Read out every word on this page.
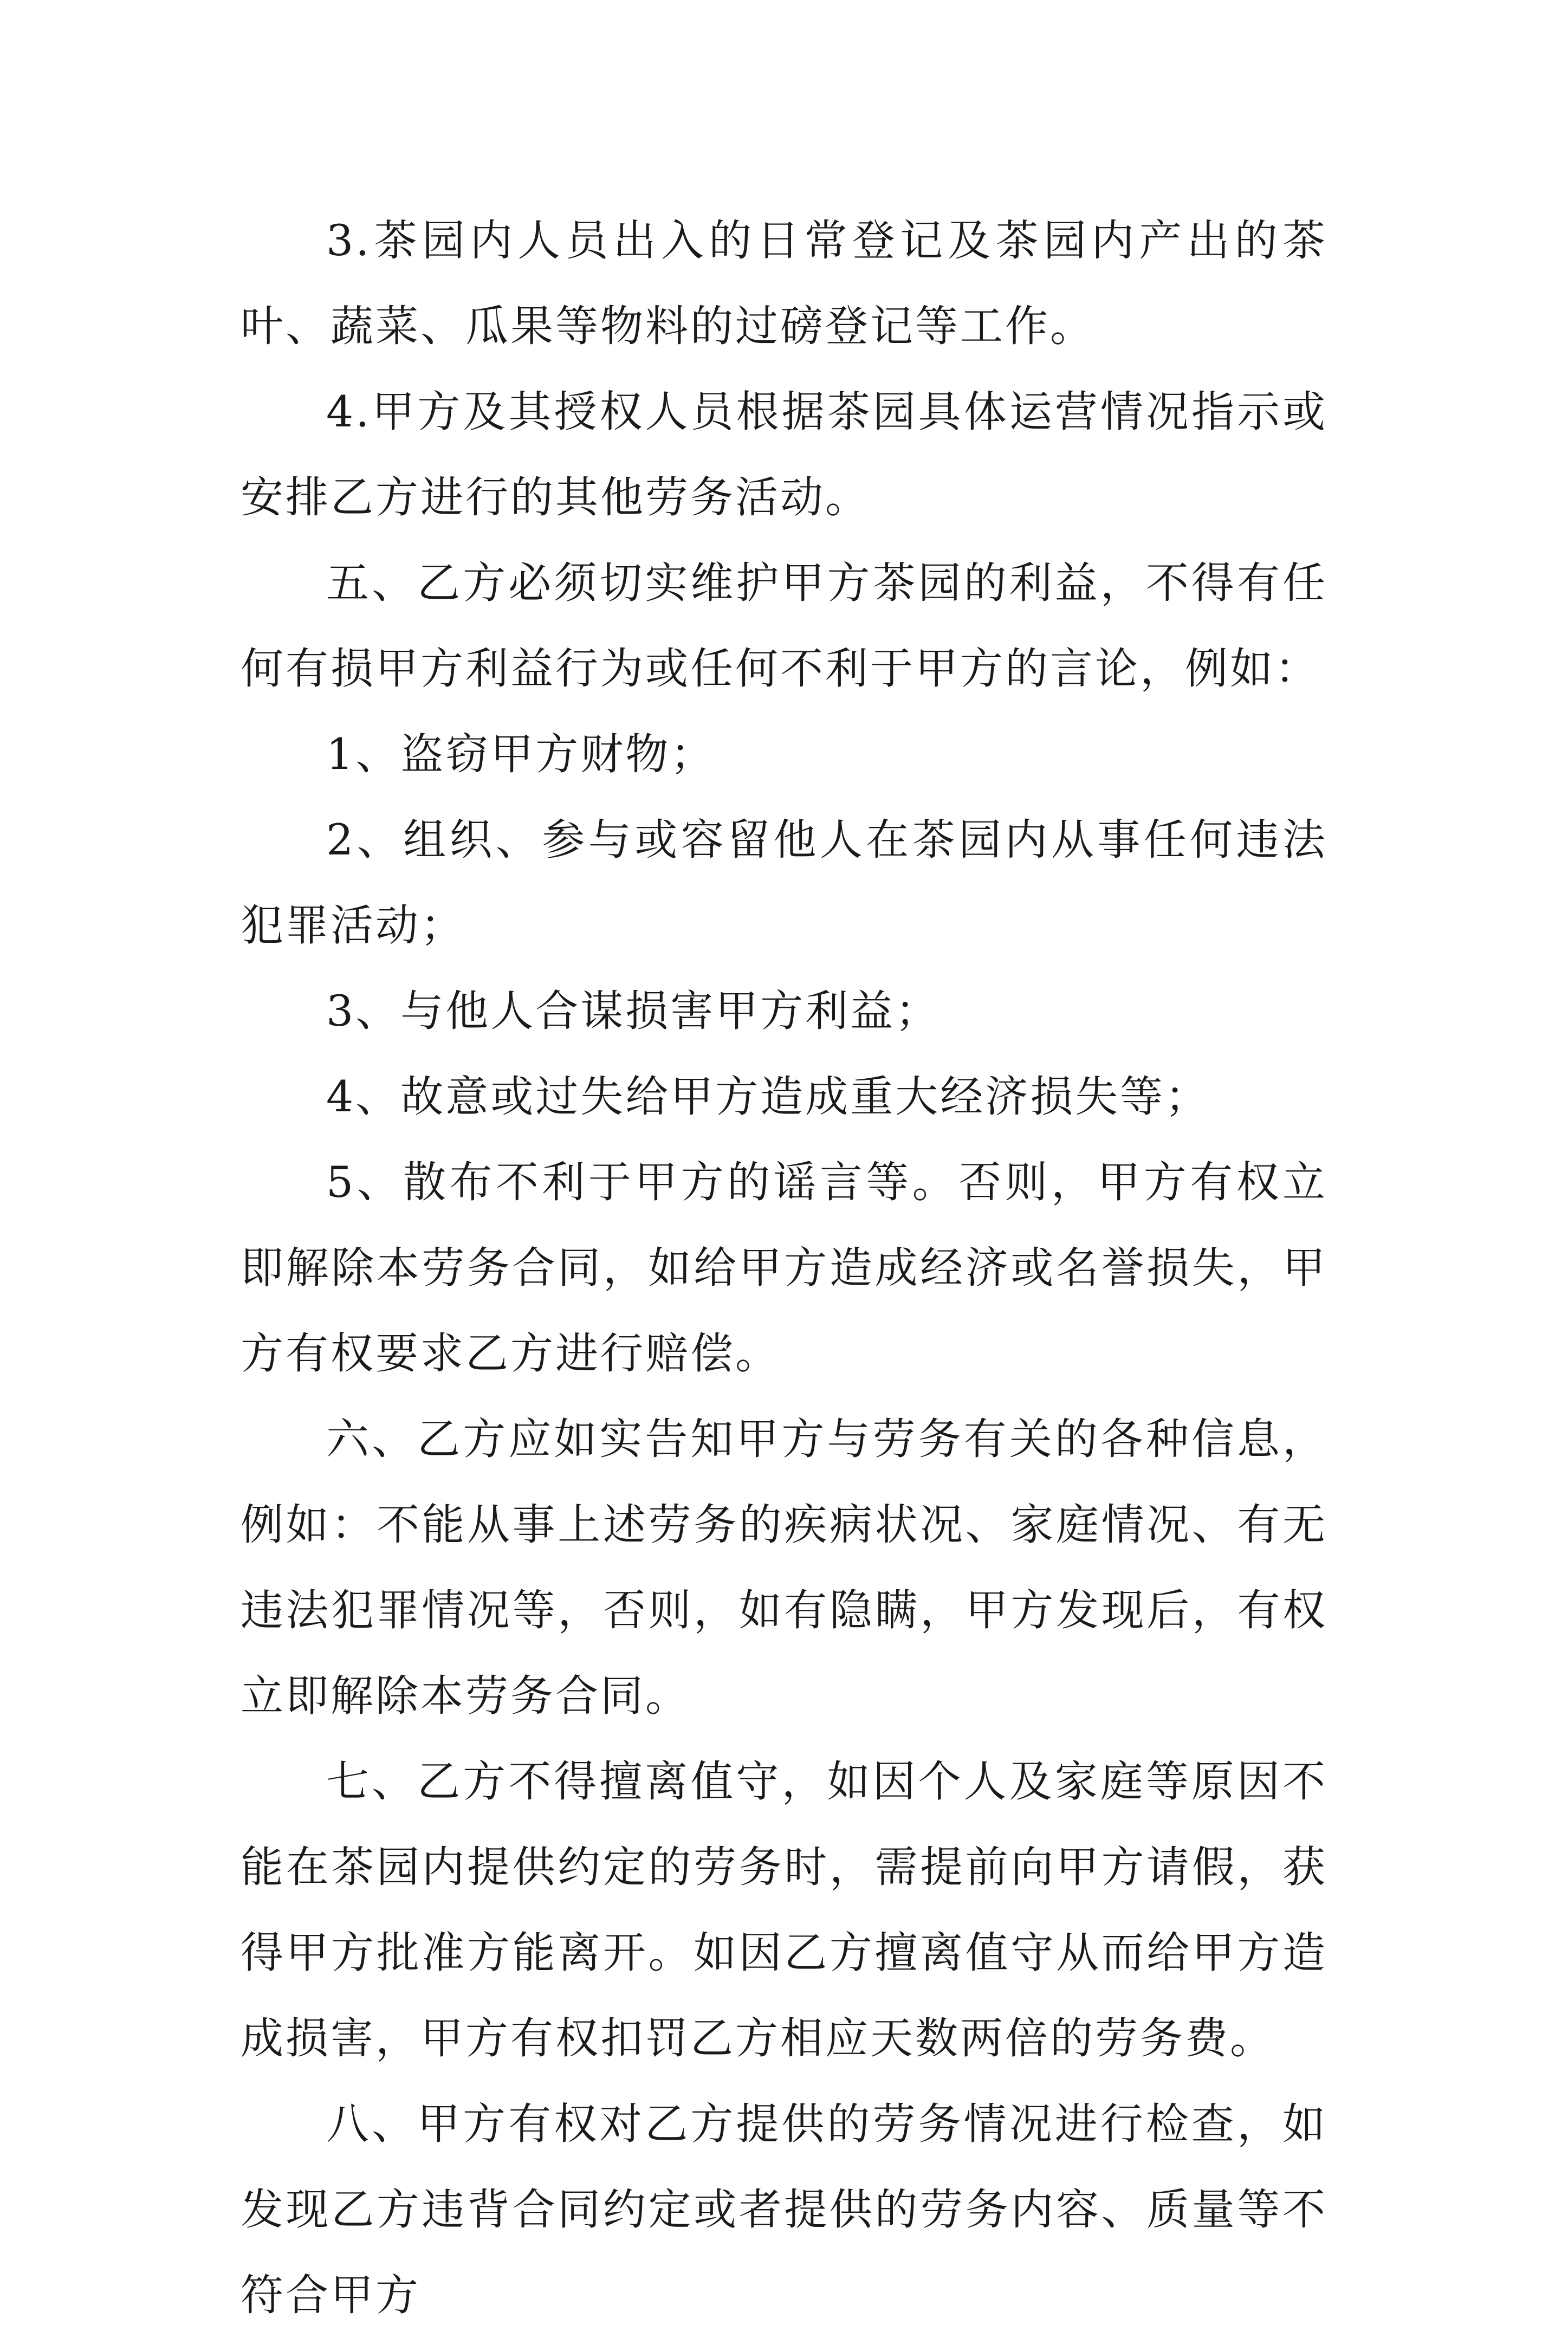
3.茶园内人员出入的日常登记及茶园内产出的茶叶、蔬菜、瓜果等物料的过磅登记等工作。

4.甲方及其授权人员根据茶园具体运营情况指示或安排乙方进行的其他劳务活动。

五、乙方必须切实维护甲方茶园的利益，不得有任何有损甲方利益行为或任何不利于甲方的言论，例如：

1、盗窃甲方财物；

2、组织、参与或容留他人在茶园内从事任何违法犯罪活动；

3、与他人合谋损害甲方利益；

4、故意或过失给甲方造成重大经济损失等；

5、散布不利于甲方的谣言等。否则，甲方有权立即解除本劳务合同，如给甲方造成经济或名誉损失，甲方有权要求乙方进行赔偿。

六、乙方应如实告知甲方与劳务有关的各种信息，例如：不能从事上述劳务的疾病状况、家庭情况、有无违法犯罪情况等，否则，如有隐瞒，甲方发现后，有权立即解除本劳务合同。

七、乙方不得擅离值守，如因个人及家庭等原因不能在茶园内提供约定的劳务时，需提前向甲方请假，获得甲方批准方能离开。如因乙方擅离值守从而给甲方造成损害，甲方有权扣罚乙方相应天数两倍的劳务费。

八、甲方有权对乙方提供的劳务情况进行检查，如发现乙方违背合同约定或者提供的劳务内容、质量等不符合甲方
